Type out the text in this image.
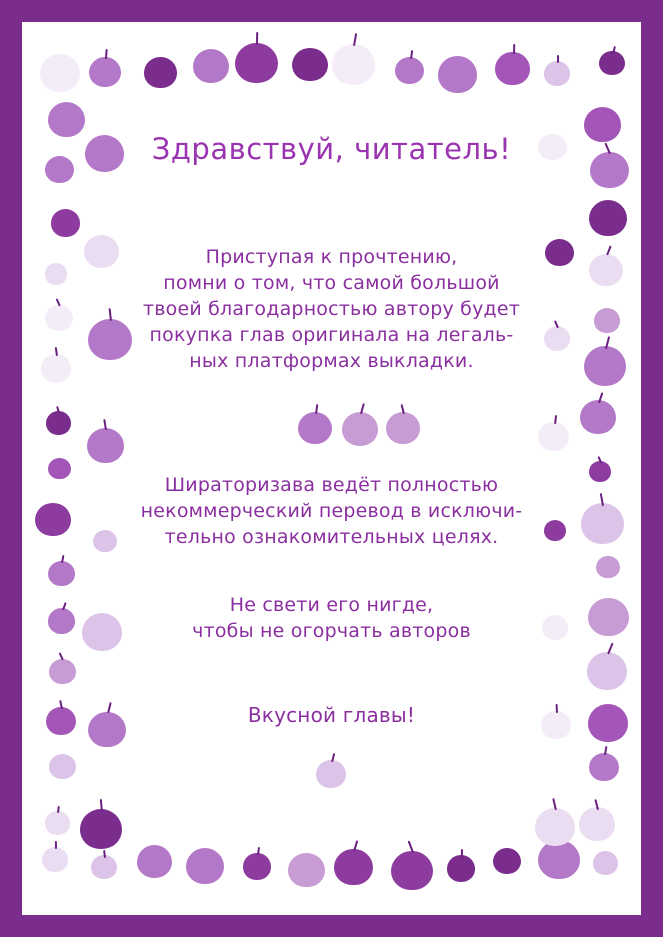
Здравствуй, читатель!

Приступая к прочтению,
помни о том, что самой большой
твоей благодарностью автору будет
покупка глав оригинала на легаль-
ных платформах выкладки.

Шираторизава ведёт полностью
некоммерческий перевод в исключи-
тельно ознакомительных целях.

Не свети его нигде,
чтобы не огорчать авторов

Вкусной главы!
